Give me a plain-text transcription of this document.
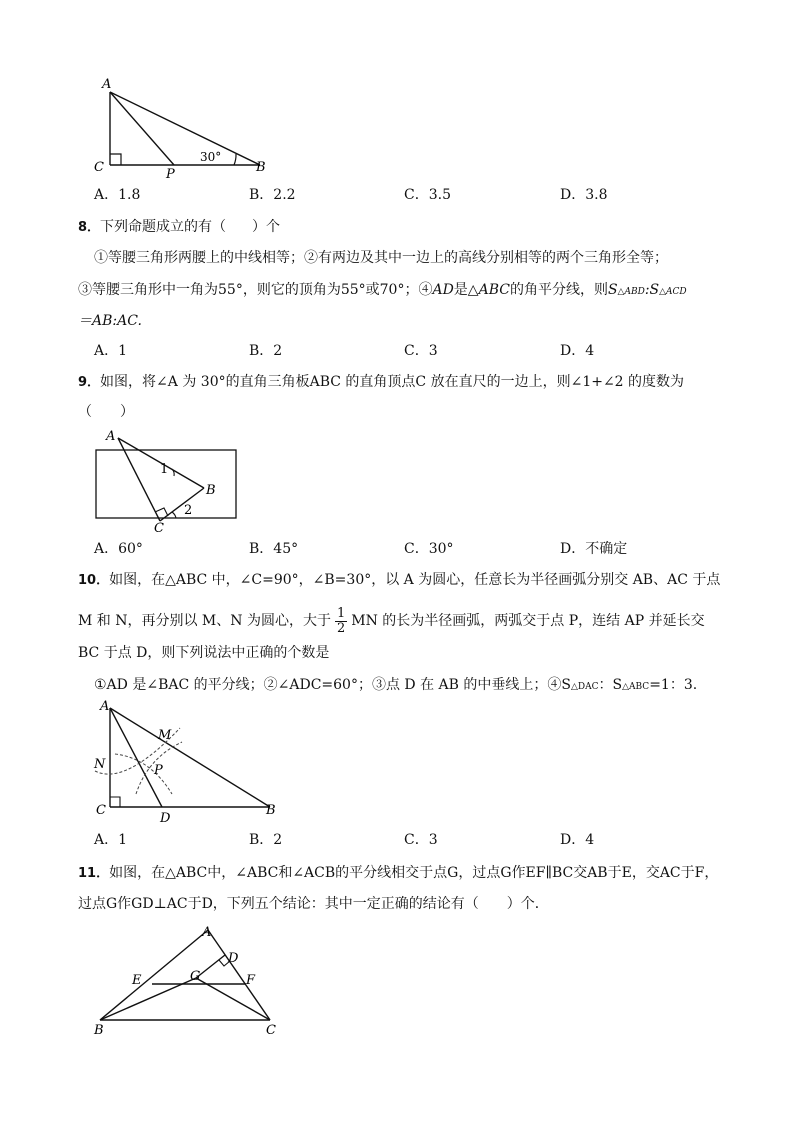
A
C	P	B
30°
A．1.8	B．2.2	C．3.5	D．3.8
8．下列命题成立的有（ ）个
①等腰三角形两腰上的中线相等；②有两边及其中一边上的高线分别相等的两个三角形全等；
③等腰三角形中一角为55°，则它的顶角为55°或70°；④AD是△ABC的角平分线，则S△ABD:S△ACD
＝AB:AC.
A．1	B．2	C．3	D．4
9．如图，将∠A 为 30°的直角三角板ABC 的直角顶点C 放在直尺的一边上，则∠1+∠2 的度数为
（　　）
A
1
B
2
C
A．60°	B．45°	C．30°	D．不确定
10．如图，在△ABC 中，∠C=90°，∠B=30°，以 A 为圆心，任意长为半径画弧分别交 AB、AC 于点
M 和 N，再分别以 M、N 为圆心，大于 $\frac{1}{2}$ MN 的长为半径画弧，两弧交于点 P，连结 AP 并延长交
BC 于点 D，则下列说法中正确的个数是
①AD 是∠BAC 的平分线；②∠ADC=60°；③点 D 在 AB 的中垂线上；④S△DAC：S△ABC=1：3.
A
M
N	P
C
D
B
A．1	B．2	C．3	D．4
11．如图，在△ABC中，∠ABC和∠ACB的平分线相交于点G，过点G作EF∥BC交AB于E，交AC于F，
过点G作GD⊥AC于D，下列五个结论：其中一定正确的结论有（　　）个．
A
D
E	G	F
B	C
